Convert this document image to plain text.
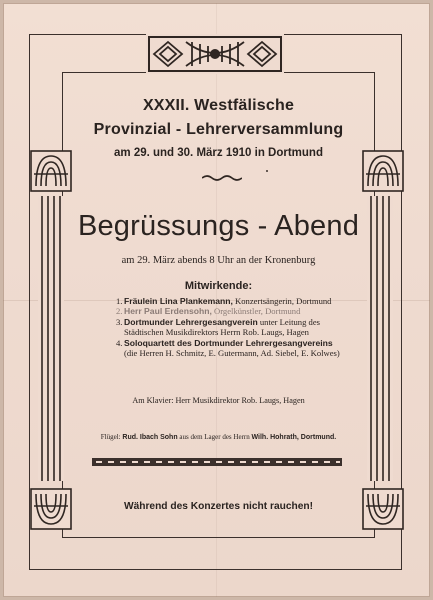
XXXII. Westfälische
Provinzial - Lehrerversammlung
am 29. und 30. März 1910 in Dortmund
Begrüssungs - Abend
am 29. März abends 8 Uhr an der Kronenburg
Mitwirkende:
1. Fräulein Lina Plankemann, Konzertsängerin, Dortmund
2. Herr Paul Erdensohn, Orgelkünstler, Dortmund
3. Dortmunder Lehrergesangverein unter Leitung des
Städtischen Musikdirektors Herrn Rob. Laugs, Hagen
4. Soloquartett des Dortmunder Lehrergesangvereins
(die Herren H. Schmitz, E. Gutermann, Ad. Siebel, E. Kolwes)
Am Klavier: Herr Musikdirektor Rob. Laugs, Hagen
Flügel: Rud. Ibach Sohn aus dem Lager des Herrn Wilh. Hohrath, Dortmund.
Während des Konzertes nicht rauchen!
